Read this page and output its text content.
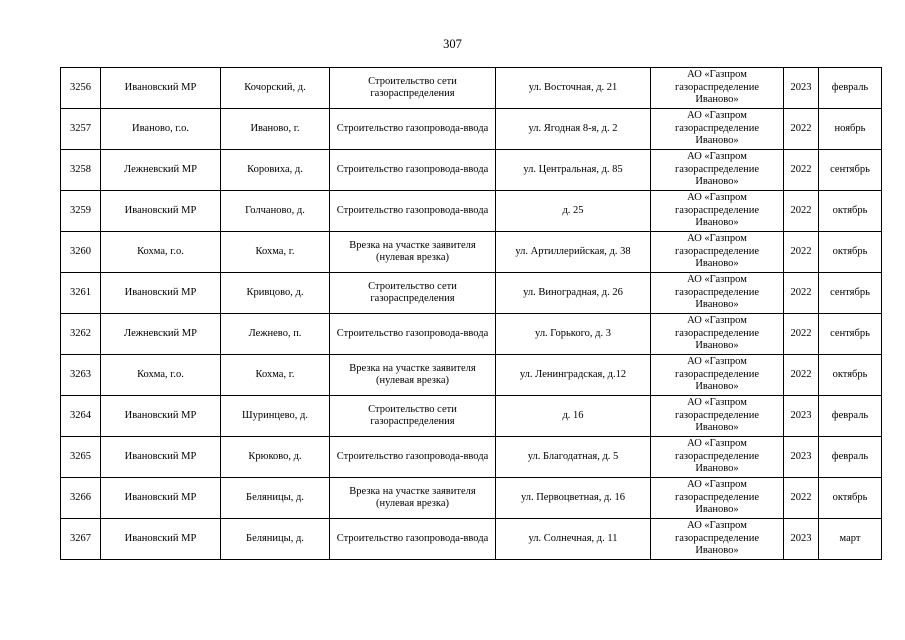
307
3256	Ивановский МР	Кочорский, д.	Строительство сети газораспределения	ул. Восточная, д. 21	АО «Газпром газораспределение Иваново»	2023	февраль
3257	Иваново, г.о.	Иваново, г.	Строительство газопровода-ввода	ул. Ягодная 8-я, д. 2	АО «Газпром газораспределение Иваново»	2022	ноябрь
3258	Лежневский МР	Коровиха, д.	Строительство газопровода-ввода	ул. Центральная, д. 85	АО «Газпром газораспределение Иваново»	2022	сентябрь
3259	Ивановский МР	Голчаново, д.	Строительство газопровода-ввода	д. 25	АО «Газпром газораспределение Иваново»	2022	октябрь
3260	Кохма, г.о.	Кохма, г.	Врезка на участке заявителя (нулевая врезка)	ул. Артиллерийская, д. 38	АО «Газпром газораспределение Иваново»	2022	октябрь
3261	Ивановский МР	Кривцово, д.	Строительство сети газораспределения	ул. Виноградная, д. 26	АО «Газпром газораспределение Иваново»	2022	сентябрь
3262	Лежневский МР	Лежнево, п.	Строительство газопровода-ввода	ул. Горького, д. 3	АО «Газпром газораспределение Иваново»	2022	сентябрь
3263	Кохма, г.о.	Кохма, г.	Врезка на участке заявителя (нулевая врезка)	ул. Ленинградская, д.12	АО «Газпром газораспределение Иваново»	2022	октябрь
3264	Ивановский МР	Шуринцево, д.	Строительство сети газораспределения	д. 16	АО «Газпром газораспределение Иваново»	2023	февраль
3265	Ивановский МР	Крюково, д.	Строительство газопровода-ввода	ул. Благодатная, д. 5	АО «Газпром газораспределение Иваново»	2023	февраль
3266	Ивановский МР	Беляницы, д.	Врезка на участке заявителя (нулевая врезка)	ул. Первоцветная, д. 16	АО «Газпром газораспределение Иваново»	2022	октябрь
3267	Ивановский МР	Беляницы, д.	Строительство газопровода-ввода	ул. Солнечная, д. 11	АО «Газпром газораспределение Иваново»	2023	март
